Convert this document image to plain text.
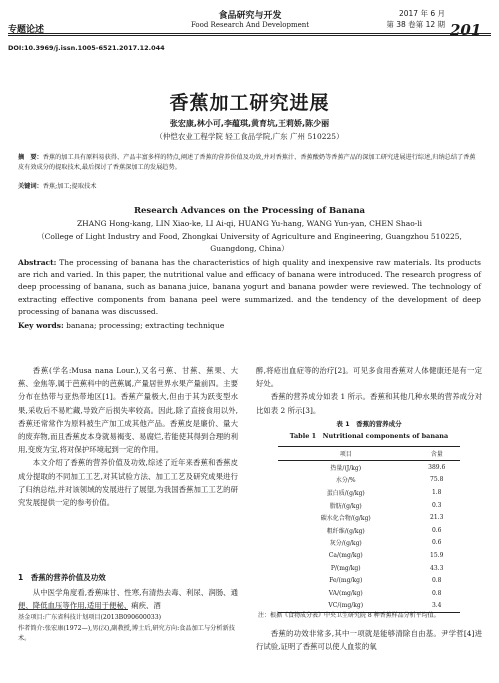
专题论述
食品研究与开发
Food Research And Development
2017 年 6 月
第 38 卷第 12 期 201
DOI:10.3969/j.issn.1005-6521.2017.12.044
香蕉加工研究进展
张宏康,林小可,李蕴琪,黄育坑,王莉娇,陈少丽
（仲恺农业工程学院 轻工食品学院,广东 广州 510225）
摘　要：香蕉的加工具有原料易获得、产品丰富多样的特点,阐述了香蕉的营养价值及功效,并对香蕉汁、香蕉酸奶等香蕉产品的深加工研究进展进行综述,归纳总结了香蕉皮有效成分的提取技术,最后探讨了香蕉深加工的发展趋势。
关键词：香蕉;加工;提取技术
Research Advances on the Processing of Banana
ZHANG Hong-kang, LIN Xiao-ke, LI Ai-qi, HUANG Yu-hang, WANG Yun-yan, CHEN Shao-li
（College of Light Industry and Food, Zhongkai University of Agriculture and Engineering, Guangzhou 510225, Guangdong, China）
Abstract: The processing of banana has the characteristics of high quality and inexpensive raw materials. Its products are rich and varied. In this paper, the nutritional value and efficacy of banana were introduced. The research progress of deep processing of banana, such as banana juice, banana yogurt and banana powder were reviewed. The technology of extracting effective components from banana peel were summarized. and the tendency of the development of deep processing of banana was discussed.
Key words: banana; processing; extracting technique

香蕉(学名:Musa nana Lour.),又名弓蕉、甘蕉、蕉果、大蕉、金焦等,属于芭蕉科中的芭蕉属,产量居世界水果产量前四。主要分布在热带与亚热带地区[1]。香蕉产量极大,但由于其为跃变型水果,采收后不易贮藏,导致产后损失率较高。因此,除了直接食用以外,香蕉还常常作为原料被生产加工成其他产品。香蕉皮是廉价、量大的废弃物,而且香蕉皮本身就易褐变、易腐烂,若能使其得到合理的利用,变废为宝,将对保护环境起到一定的作用。

本文介绍了香蕉的营养价值及功效,综述了近年来香蕉和香蕉皮成分提取的不同加工工艺,对其试验方法、加工工艺及研究成果进行了归纳总结,并对该领域的发展进行了展望,为我国香蕉加工工艺的研究发展提供一定的参考价值。

1　香蕉的营养价值及功效

从中医学角度看,香蕉味甘、性寒,有清热去毒、利尿、润肠、通便、降低血压等作用,适用于便秘、痢疾、酒

基金项目:广东省科技计划项目(2013B090600033)
作者简介:张宏康(1972—),男(汉),副教授,博士后,研究方向:食品加工与分析新技术。

醉,将疮出血症等的治疗[2]。可见多食用香蕉对人体健康还是有一定好处。

香蕉的营养成分如表 1 所示。香蕉和其他几种水果的营养成分对比如表 2 所示[3]。

表 1　香蕉的营养成分
Table 1　Nutritional components of banana
项目	含量
热量/(J/kg)	389.6
水分/%	75.8
蛋白质/(g/kg)	1.8
脂肪/(g/kg)	0.3
碳水化合物/(g/kg)	21.3
粗纤维/(g/kg)	0.6
灰分/(g/kg)	0.6
Ca/(mg/kg)	15.9
P/(mg/kg)	43.3
Fe/(mg/kg)	0.8
VA/(mg/kg)	0.8
VC/(mg/kg)	3.4
注：根据《食物成分表》中央卫生研究院 8 种香蕉样品分析平均值。

香蕉的功效非常多,其中一项就是能够清除自由基。尹学哲[4]进行试验,证明了香蕉可以使人血浆的氧
